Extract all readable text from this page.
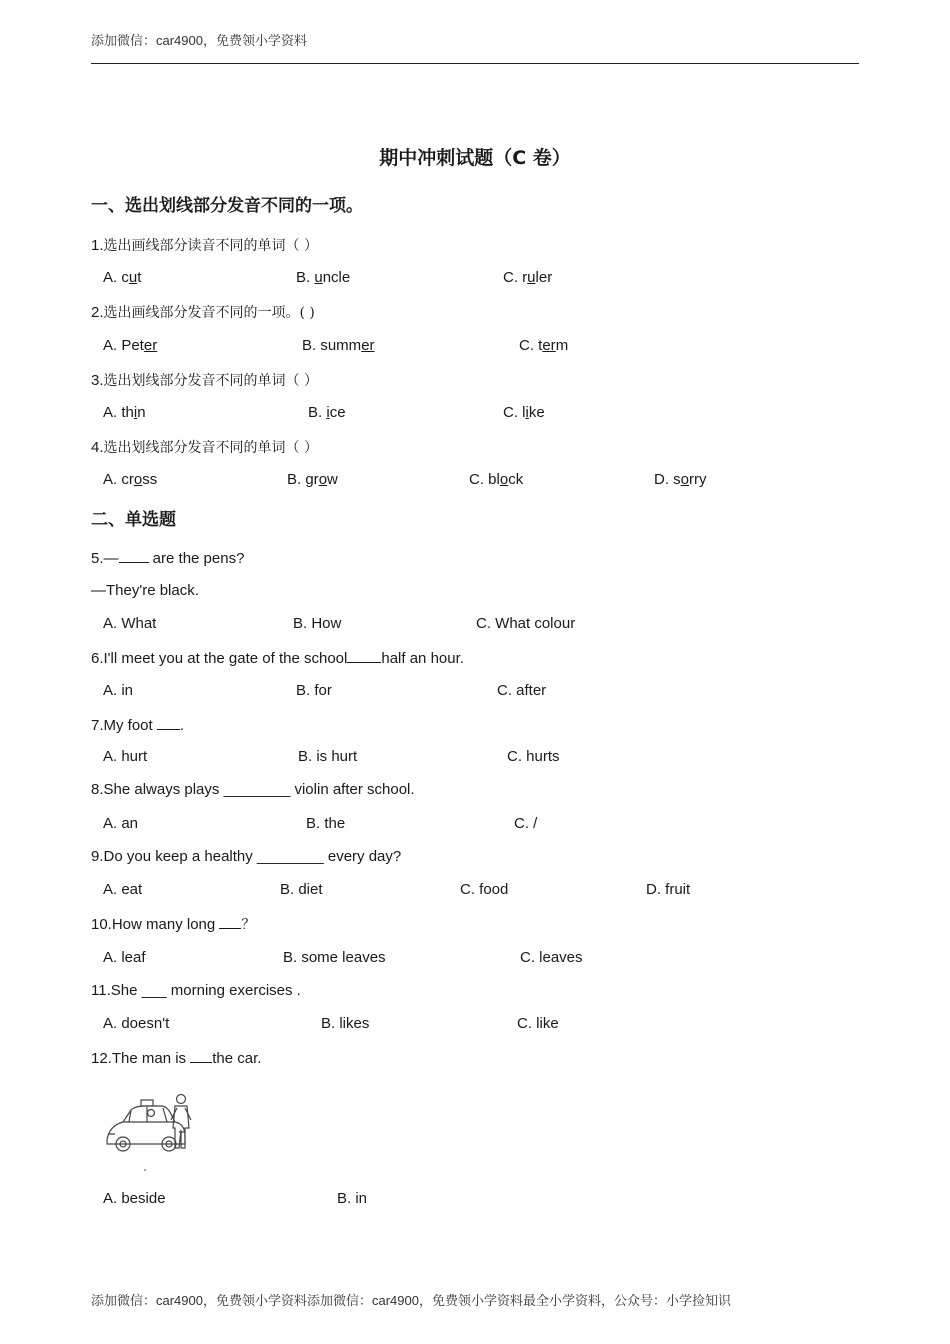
添加微信：car4900，免费领小学资料
期中冲刺试题（C 卷）
一、选出划线部分发音不同的一项。
1.选出画线部分读音不同的单词（ ）
A. cut	B. uncle	C. ruler
2.选出画线部分发音不同的一项。( )
A. Peter	B. summer	C. term
3.选出划线部分发音不同的单词（ ）
A. thin	B. ice	C. like
4.选出划线部分发音不同的单词（ ）
A. cross	B. grow	C. block	D. sorry
二、单选题
5.— are the pens?
—They're black.
A. What	B. How	C. What colour
6.I'll meet you at the gate of the school half an hour.
A. in	B. for	C. after
7.My foot .
A. hurt	B. is hurt	C. hurts
8.She always plays ________ violin after school.
A. an	B. the	C. /
9.Do you keep a healthy ________ every day?
A. eat	B. diet	C. food	D. fruit
10.How many long ？
A. leaf	B. some leaves	C. leaves
11.She ___ morning exercises .
A. doesn't	B. likes	C. like
12.The man is the car.
A. beside	B. in
添加微信：car4900，免费领小学资料添加微信：car4900，免费领小学资料最全小学资料，公众号：小学捡知识
